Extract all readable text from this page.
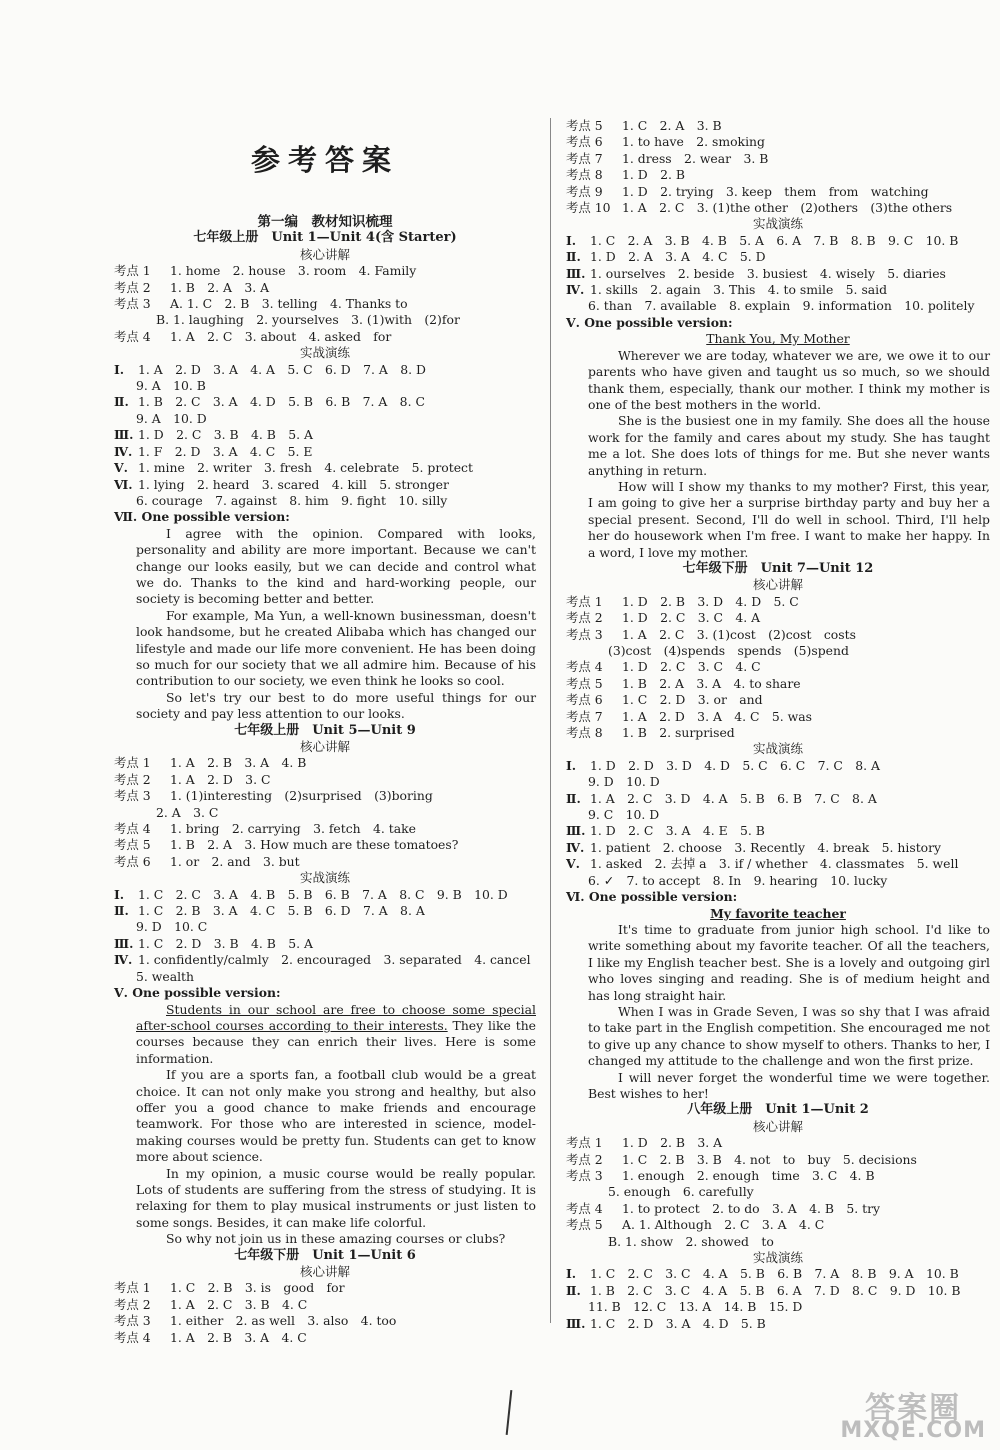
参考答案

第一编　教材知识梳理

七年级上册　Unit 1—Unit 4(含 Starter)

核心讲解

考点 1 1. home　2. house　3. room　4. Family

考点 2 1. B　2. A　3. A

考点 3 A. 1. C　2. B　3. telling　4. Thanks to

B. 1. laughing　2. yourselves　3. (1)with　(2)for

考点 4 1. A　2. C　3. about　4. asked　for

实战演练

Ⅰ. 1. A　2. D　3. A　4. A　5. C　6. D　7. A　8. D

9. A　10. B

Ⅱ. 1. B　2. C　3. A　4. D　5. B　6. B　7. A　8. C

9. A　10. D

Ⅲ. 1. D　2. C　3. B　4. B　5. A

Ⅳ. 1. F　2. D　3. A　4. C　5. E

Ⅴ. 1. mine　2. writer　3. fresh　4. celebrate　5. protect

Ⅵ. 1. lying　2. heard　3. scared　4. kill　5. stronger

6. courage　7. against　8. him　9. fight　10. silly

Ⅶ. One possible version:

I agree with the opinion. Compared with looks, personality and ability are more important. Because we can't change our looks easily, but we can decide and control what we do. Thanks to the kind and hard-working people, our society is becoming better and better.

For example, Ma Yun, a well-known businessman, doesn't look handsome, but he created Alibaba which has changed our lifestyle and made our life more convenient. He has been doing so much for our society that we all admire him. Because of his contribution to our society, we even think he looks so cool.

So let's try our best to do more useful things for our society and pay less attention to our looks.

七年级上册　Unit 5—Unit 9

核心讲解

考点 1 1. A　2. B　3. A　4. B

考点 2 1. A　2. D　3. C

考点 3 1. (1)interesting　(2)surprised　(3)boring

2. A　3. C

考点 4 1. bring　2. carrying　3. fetch　4. take

考点 5 1. B　2. A　3. How much are these tomatoes?

考点 6 1. or　2. and　3. but

实战演练

Ⅰ. 1. C　2. C　3. A　4. B　5. B　6. B　7. A　8. C　9. B　10. D

Ⅱ. 1. C　2. B　3. A　4. C　5. B　6. D　7. A　8. A

9. D　10. C

Ⅲ. 1. C　2. D　3. B　4. B　5. A

Ⅳ. 1. confidently/calmly　2. encouraged　3. separated　4. cancel

5. wealth

Ⅴ. One possible version:

Students in our school are free to choose some special after-school courses according to their interests. They like the courses because they can enrich their lives. Here is some information.

If you are a sports fan, a football club would be a great choice. It can not only make you strong and healthy, but also offer you a good chance to make friends and encourage teamwork. For those who are interested in science, model-making courses would be pretty fun. Students can get to know more about science.

In my opinion, a music course would be really popular. Lots of students are suffering from the stress of studying. It is relaxing for them to play musical instruments or just listen to some songs. Besides, it can make life colorful.

So why not join us in these amazing courses or clubs?

七年级下册　Unit 1—Unit 6

核心讲解

考点 1 1. C　2. B　3. is　good　for

考点 2 1. A　2. C　3. B　4. C

考点 3 1. either　2. as well　3. also　4. too

考点 4 1. A　2. B　3. A　4. C

考点 5 1. C　2. A　3. B

考点 6 1. to have　2. smoking

考点 7 1. dress　2. wear　3. B

考点 8 1. D　2. B

考点 9 1. D　2. trying　3. keep　them　from　watching

考点 10 1. A　2. C　3. (1)the other　(2)others　(3)the others

实战演练

Ⅰ. 1. C　2. A　3. B　4. B　5. A　6. A　7. B　8. B　9. C　10. B

Ⅱ. 1. D　2. A　3. A　4. C　5. D

Ⅲ. 1. ourselves　2. beside　3. busiest　4. wisely　5. diaries

Ⅳ. 1. skills　2. again　3. This　4. to smile　5. said

6. than　7. available　8. explain　9. information　10. politely

Ⅴ. One possible version:

Thank You, My Mother

Wherever we are today, whatever we are, we owe it to our parents who have given and taught us so much, so we should thank them, especially, thank our mother. I think my mother is one of the best mothers in the world.

She is the busiest one in my family. She does all the house work for the family and cares about my study. She has taught me a lot. She does lots of things for me. But she never wants anything in return.

How will I show my thanks to my mother? First, this year, I am going to give her a surprise birthday party and buy her a special present. Second, I'll do well in school. Third, I'll help her do housework when I'm free. I want to make her happy. In a word, I love my mother.

七年级下册　Unit 7—Unit 12

核心讲解

考点 1 1. D　2. B　3. D　4. D　5. C

考点 2 1. D　2. C　3. C　4. A

考点 3 1. A　2. C　3. (1)cost　(2)cost　costs

(3)cost　(4)spends　spends　(5)spend

考点 4 1. D　2. C　3. C　4. C

考点 5 1. B　2. A　3. A　4. to share

考点 6 1. C　2. D　3. or　and

考点 7 1. A　2. D　3. A　4. C　5. was

考点 8 1. B　2. surprised

实战演练

Ⅰ. 1. D　2. D　3. D　4. D　5. C　6. C　7. C　8. A

9. D　10. D

Ⅱ. 1. A　2. C　3. D　4. A　5. B　6. B　7. C　8. A

9. C　10. D

Ⅲ. 1. D　2. C　3. A　4. E　5. B

Ⅳ. 1. patient　2. choose　3. Recently　4. break　5. history

Ⅴ. 1. asked　2. 去掉 a　3. if / whether　4. classmates　5. well

6. ✓　7. to accept　8. In　9. hearing　10. lucky

Ⅵ. One possible version:

My favorite teacher

It's time to graduate from junior high school. I'd like to write something about my favorite teacher. Of all the teachers, I like my English teacher best. She is a lovely and outgoing girl who loves singing and reading. She is of medium height and has long straight hair.

When I was in Grade Seven, I was so shy that I was afraid to take part in the English competition. She encouraged me not to give up any chance to show myself to others. Thanks to her, I changed my attitude to the challenge and won the first prize.

I will never forget the wonderful time we were together. Best wishes to her!

八年级上册　Unit 1—Unit 2

核心讲解

考点 1 1. D　2. B　3. A

考点 2 1. C　2. B　3. B　4. not　to　buy　5. decisions

考点 3 1. enough　2. enough　time　3. C　4. B

5. enough　6. carefully

考点 4 1. to protect　2. to do　3. A　4. B　5. try

考点 5 A. 1. Although　2. C　3. A　4. C

B. 1. show　2. showed　to

实战演练

Ⅰ. 1. C　2. C　3. C　4. A　5. B　6. B　7. A　8. B　9. A　10. B

Ⅱ. 1. B　2. C　3. C　4. A　5. B　6. A　7. D　8. C　9. D　10. B

11. B　12. C　13. A　14. B　15. D

Ⅲ. 1. C　2. D　3. A　4. D　5. B

答案圈
MXQE.COM
